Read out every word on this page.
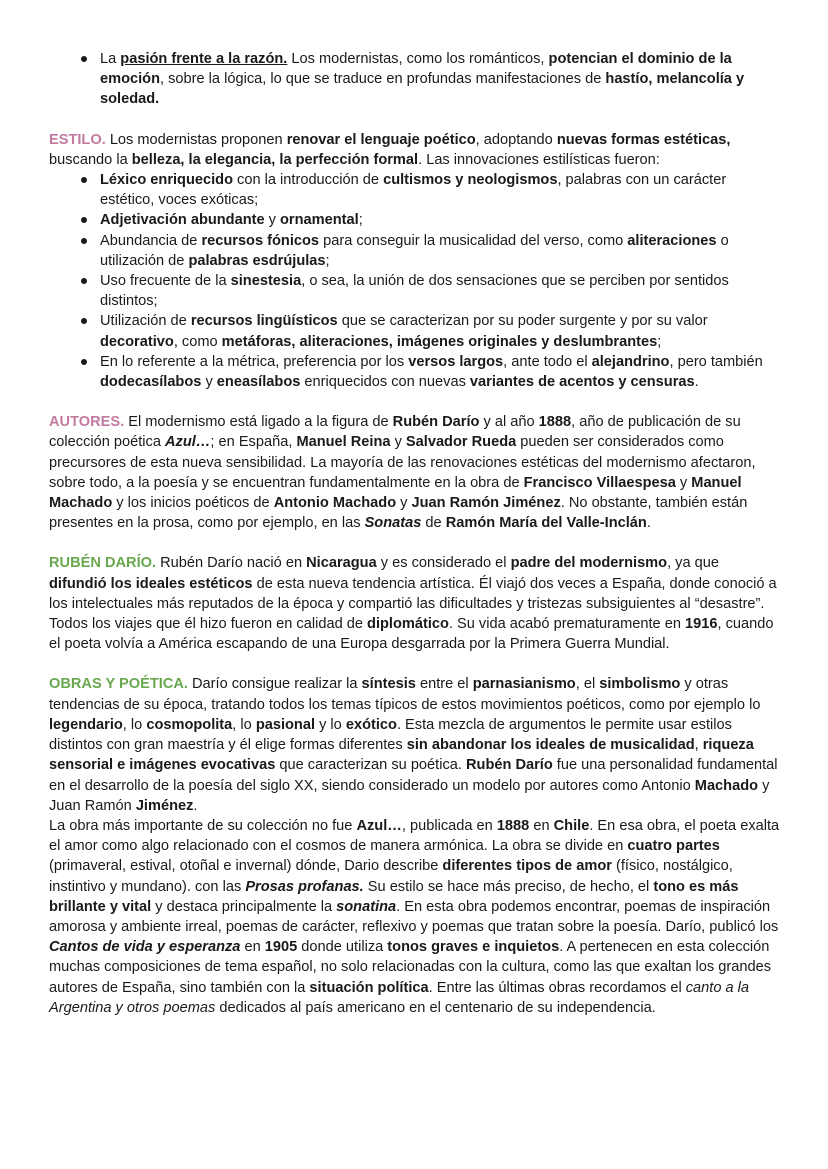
La pasión frente a la razón. Los modernistas, como los románticos, potencian el dominio de la emoción, sobre la lógica, lo que se traduce en profundas manifestaciones de hastío, melancolía y soledad.

ESTILO. Los modernistas proponen renovar el lenguaje poético, adoptando nuevas formas estéticas, buscando la belleza, la elegancia, la perfección formal. Las innovaciones estilísticas fueron:

Léxico enriquecido con la introducción de cultismos y neologismos, palabras con un carácter estético, voces exóticas;
Adjetivación abundante y ornamental;
Abundancia de recursos fónicos para conseguir la musicalidad del verso, como aliteraciones o utilización de palabras esdrújulas;
Uso frecuente de la sinestesia, o sea, la unión de dos sensaciones que se perciben por sentidos distintos;
Utilización de recursos lingüísticos que se caracterizan por su poder surgente y por su valor decorativo, como metáforas, aliteraciones, imágenes originales y deslumbrantes;
En lo referente a la métrica, preferencia por los versos largos, ante todo el alejandrino, pero también dodecasílabos y eneasílabos enriquecidos con nuevas variantes de acentos y censuras.

AUTORES. El modernismo está ligado a la figura de Rubén Darío y al año 1888, año de publicación de su colección poética Azul…; en España, Manuel Reina y Salvador Rueda pueden ser considerados como precursores de esta nueva sensibilidad. La mayoría de las renovaciones estéticas del modernismo afectaron, sobre todo, a la poesía y se encuentran fundamentalmente en la obra de Francisco Villaespesa y Manuel Machado y los inicios poéticos de Antonio Machado y Juan Ramón Jiménez. No obstante, también están presentes en la prosa, como por ejemplo, en las Sonatas de Ramón María del Valle-Inclán.

RUBÉN DARÍO. Rubén Darío nació en Nicaragua y es considerado el padre del modernismo, ya que difundió los ideales estéticos de esta nueva tendencia artística. Él viajó dos veces a España, donde conoció a los intelectuales más reputados de la época y compartió las dificultades y tristezas subsiguientes al “desastre”. Todos los viajes que él hizo fueron en calidad de diplomático. Su vida acabó prematuramente en 1916, cuando el poeta volvía a América escapando de una Europa desgarrada por la Primera Guerra Mundial.

OBRAS Y POÉTICA. Darío consigue realizar la síntesis entre el parnasianismo, el simbolismo y otras tendencias de su época, tratando todos los temas típicos de estos movimientos poéticos, como por ejemplo lo legendario, lo cosmopolita, lo pasional y lo exótico. Esta mezcla de argumentos le permite usar estilos distintos con gran maestría y él elige formas diferentes sin abandonar los ideales de musicalidad, riqueza sensorial e imágenes evocativas que caracterizan su poética. Rubén Darío fue una personalidad fundamental en el desarrollo de la poesía del siglo XX, siendo considerado un modelo por autores como Antonio Machado y Juan Ramón Jiménez.

La obra más importante de su colección no fue Azul…, publicada en 1888 en Chile. En esa obra, el poeta exalta el amor como algo relacionado con el cosmos de manera armónica. La obra se divide en cuatro partes (primaveral, estival, otoñal e invernal) dónde, Dario describe diferentes tipos de amor (físico, nostálgico, instintivo y mundano). con las Prosas profanas. Su estilo se hace más preciso, de hecho, el tono es más brillante y vital y destaca principalmente la sonatina. En esta obra podemos encontrar, poemas de inspiración amorosa y ambiente irreal, poemas de carácter, reflexivo y poemas que tratan sobre la poesía. Darío, publicó los Cantos de vida y esperanza en 1905 donde utiliza tonos graves e inquietos. A pertenecen en esta colección muchas composiciones de tema español, no solo relacionadas con la cultura, como las que exaltan los grandes autores de España, sino también con la situación política. Entre las últimas obras recordamos el canto a la Argentina y otros poemas dedicados al país americano en el centenario de su independencia.
